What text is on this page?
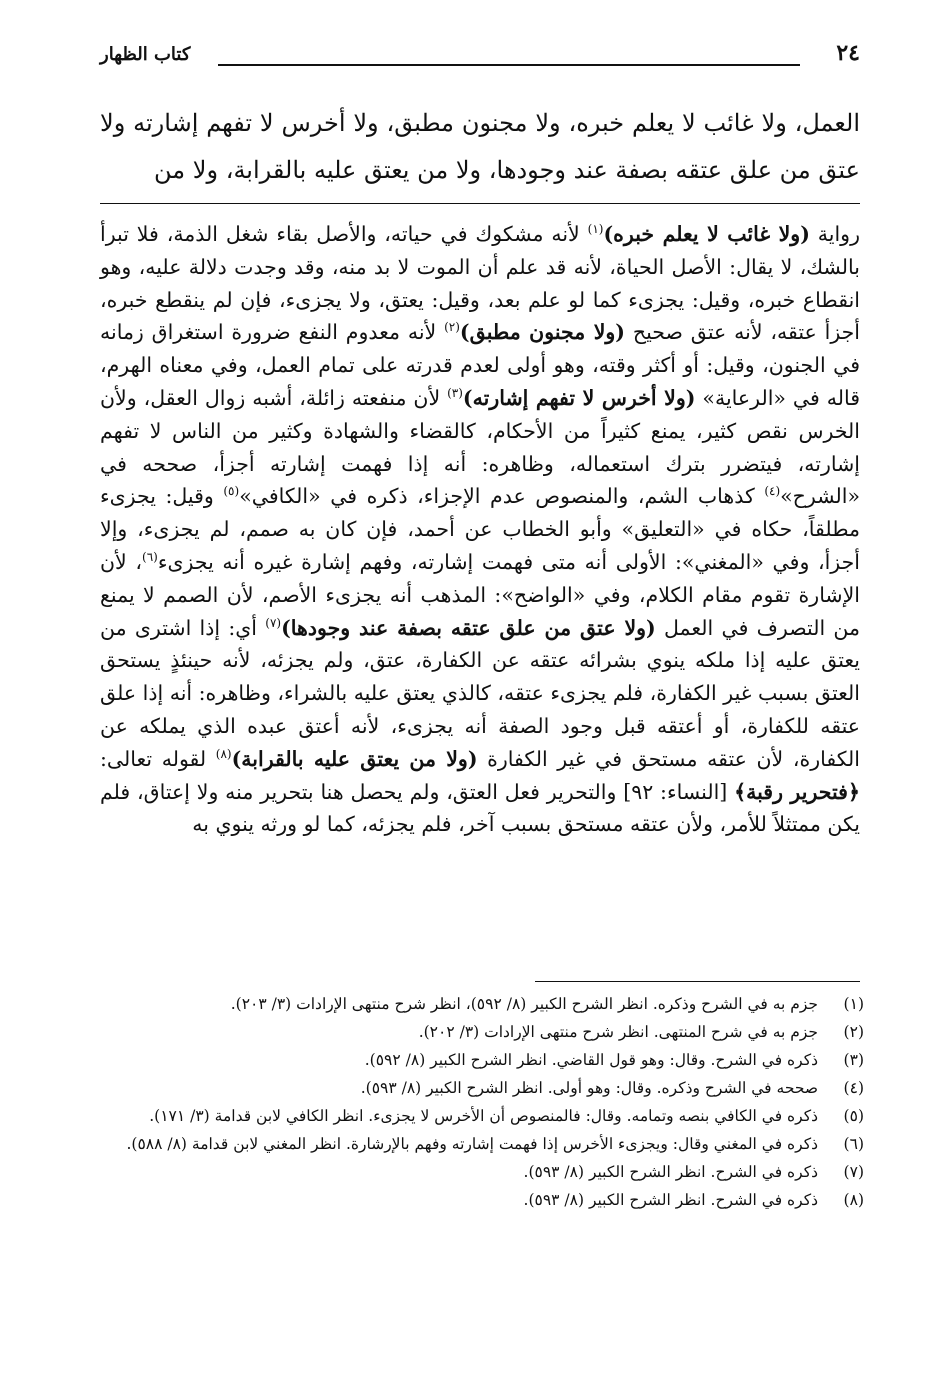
٢٤
كتاب الظهار

العمل، ولا غائب لا يعلم خبره، ولا مجنون مطبق، ولا أخرس لا تفهم إشارته ولا عتق من علق عتقه بصفة عند وجودها، ولا من يعتق عليه بالقرابة، ولا من

رواية (ولا غائب لا يعلم خبره)$^{(١)}$ لأنه مشكوك في حياته، والأصل بقاء شغل الذمة، فلا تبرأ بالشك، لا يقال: الأصل الحياة، لأنه قد علم أن الموت لا بد منه، وقد وجدت دلالة عليه، وهو انقطاع خبره، وقيل: يجزىء كما لو علم بعد، وقيل: يعتق، ولا يجزىء، فإن لم ينقطع خبره، أجزأ عتقه، لأنه عتق صحيح (ولا مجنون مطبق)$^{(٢)}$ لأنه معدوم النفع ضرورة استغراق زمانه في الجنون، وقيل: أو أكثر وقته، وهو أولى لعدم قدرته على تمام العمل، وفي معناه الهرم، قاله في «الرعاية» (ولا أخرس لا تفهم إشارته)$^{(٣)}$ لأن منفعته زائلة، أشبه زوال العقل، ولأن الخرس نقص كثير، يمنع كثيراً من الأحكام، كالقضاء والشهادة وكثير من الناس لا تفهم إشارته، فيتضرر بترك استعماله، وظاهره: أنه إذا فهمت إشارته أجزأ، صححه في «الشرح»$^{(٤)}$ كذهاب الشم، والمنصوص عدم الإجزاء، ذكره في «الكافي»$^{(٥)}$ وقيل: يجزىء مطلقاً، حكاه في «التعليق» وأبو الخطاب عن أحمد، فإن كان به صمم، لم يجزىء، وإلا أجزأ، وفي «المغني»: الأولى أنه متى فهمت إشارته، وفهم إشارة غيره أنه يجزىء$^{(٦)}$، لأن الإشارة تقوم مقام الكلام، وفي «الواضح»: المذهب أنه يجزىء الأصم، لأن الصمم لا يمنع من التصرف في العمل (ولا عتق من علق عتقه بصفة عند وجودها)$^{(٧)}$ أي: إذا اشترى من يعتق عليه إذا ملكه ينوي بشرائه عتقه عن الكفارة، عتق، ولم يجزئه، لأنه حينئذٍ يستحق العتق بسبب غير الكفارة، فلم يجزىء عتقه، كالذي يعتق عليه بالشراء، وظاهره: أنه إذا علق عتقه للكفارة، أو أعتقه قبل وجود الصفة أنه يجزىء، لأنه أعتق عبده الذي يملكه عن الكفارة، لأن عتقه مستحق في غير الكفارة (ولا من يعتق عليه بالقرابة)$^{(٨)}$ لقوله تعالى: ﴿فتحرير رقبة﴾ [النساء: ٩٢] والتحرير فعل العتق، ولم يحصل هنا بتحرير منه ولا إعتاق، فلم يكن ممتثلاً للأمر، ولأن عتقه مستحق بسبب آخر، فلم يجزئه، كما لو ورثه ينوي به

(١)
جزم به في الشرح وذكره. انظر الشرح الكبير (٨/ ٥٩٢)، انظر شرح منتهى الإرادات (٣/ ٢٠٣).
(٢)
جزم به في شرح المنتهى. انظر شرح منتهى الإرادات (٣/ ٢٠٢).
(٣)
ذكره في الشرح. وقال: وهو قول القاضي. انظر الشرح الكبير (٨/ ٥٩٢).
(٤)
صححه في الشرح وذكره. وقال: وهو أولى. انظر الشرح الكبير (٨/ ٥٩٣).
(٥)
ذكره في الكافي بنصه وتمامه. وقال: فالمنصوص أن الأخرس لا يجزىء. انظر الكافي لابن قدامة (٣/ ١٧١).
(٦)
ذكره في المغني وقال: ويجزىء الأخرس إذا فهمت إشارته وفهم بالإرشارة. انظر المغني لابن قدامة (٨/ ٥٨٨).
(٧)
ذكره في الشرح. انظر الشرح الكبير (٨/ ٥٩٣).
(٨)
ذكره في الشرح. انظر الشرح الكبير (٨/ ٥٩٣).
